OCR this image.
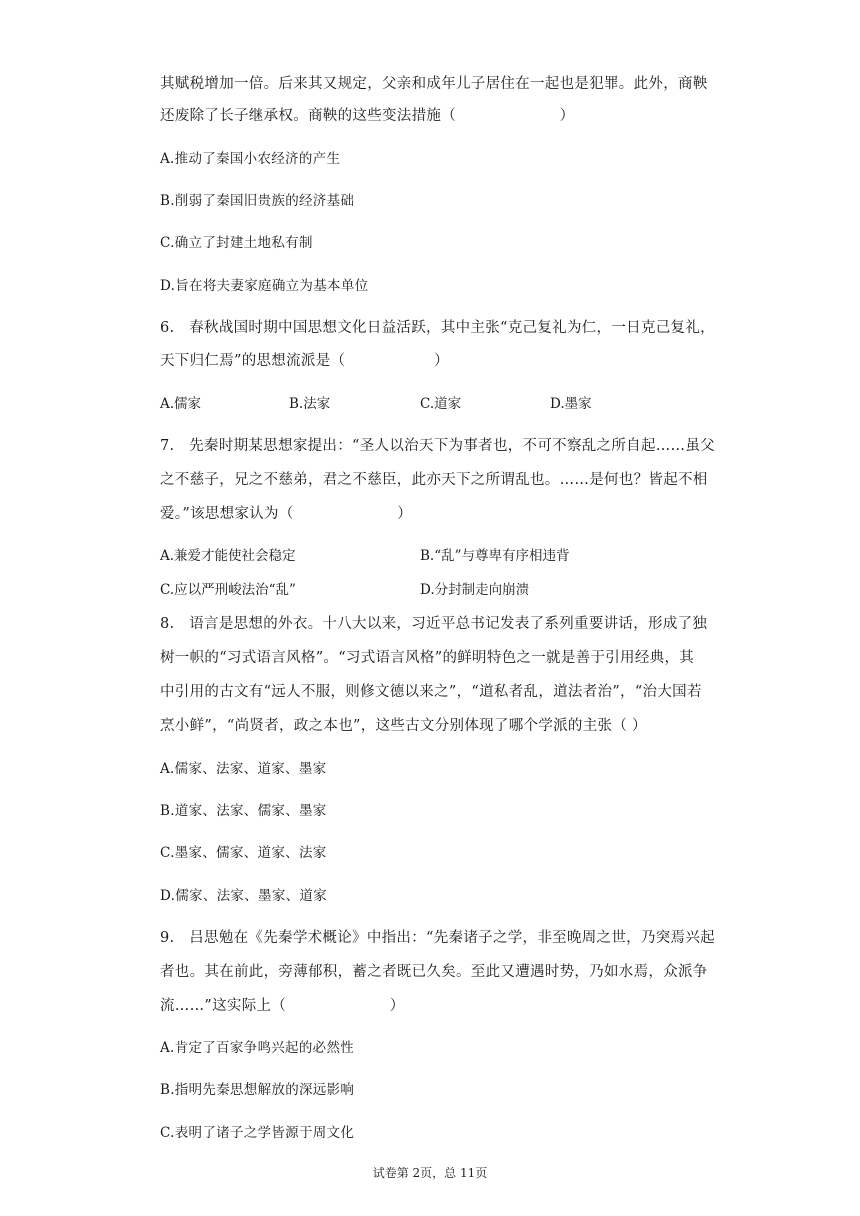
其赋税增加一倍。后来其又规定，父亲和成年儿子居住在一起也是犯罪。此外，商鞅
还废除了长子继承权。商鞅的这些变法措施（　　　　　　　）
A.推动了秦国小农经济的产生
B.削弱了秦国旧贵族的经济基础
C.确立了封建土地私有制
D.旨在将夫妻家庭确立为基本单位
6.　春秋战国时期中国思想文化日益活跃，其中主张“克己复礼为仁，一日克己复礼，
天下归仁焉”的思想流派是（　　　　　　）
A.儒家	B.法家	C.道家	D.墨家
7.　先秦时期某思想家提出：“圣人以治天下为事者也，不可不察乱之所自起……虽父
之不慈子，兄之不慈弟，君之不慈臣，此亦天下之所谓乱也。……是何也？皆起不相
爱。”该思想家认为（　　　　　　　）
A.兼爱才能使社会稳定	B.“乱”与尊卑有序相违背
C.应以严刑峻法治“乱”	D.分封制走向崩溃
8.　语言是思想的外衣。十八大以来，习近平总书记发表了系列重要讲话，形成了独
树一帜的“习式语言风格”。“习式语言风格”的鲜明特色之一就是善于引用经典，其
中引用的古文有“远人不服，则修文德以来之”，“道私者乱，道法者治”，“治大国若
烹小鲜”，“尚贤者，政之本也”，这些古文分别体现了哪个学派的主张（ ）
A.儒家、法家、道家、墨家
B.道家、法家、儒家、墨家
C.墨家、儒家、道家、法家
D.儒家、法家、墨家、道家
9.　吕思勉在《先秦学术概论》中指出：“先秦诸子之学，非至晚周之世，乃突焉兴起
者也。其在前此，旁薄郁积，蓄之者既已久矣。至此又遭遇时势，乃如水焉，众派争
流……”这实际上（　　　　　　　）
A.肯定了百家争鸣兴起的必然性
B.指明先秦思想解放的深远影响
C.表明了诸子之学皆源于周文化
试卷第 2页，总 11页
